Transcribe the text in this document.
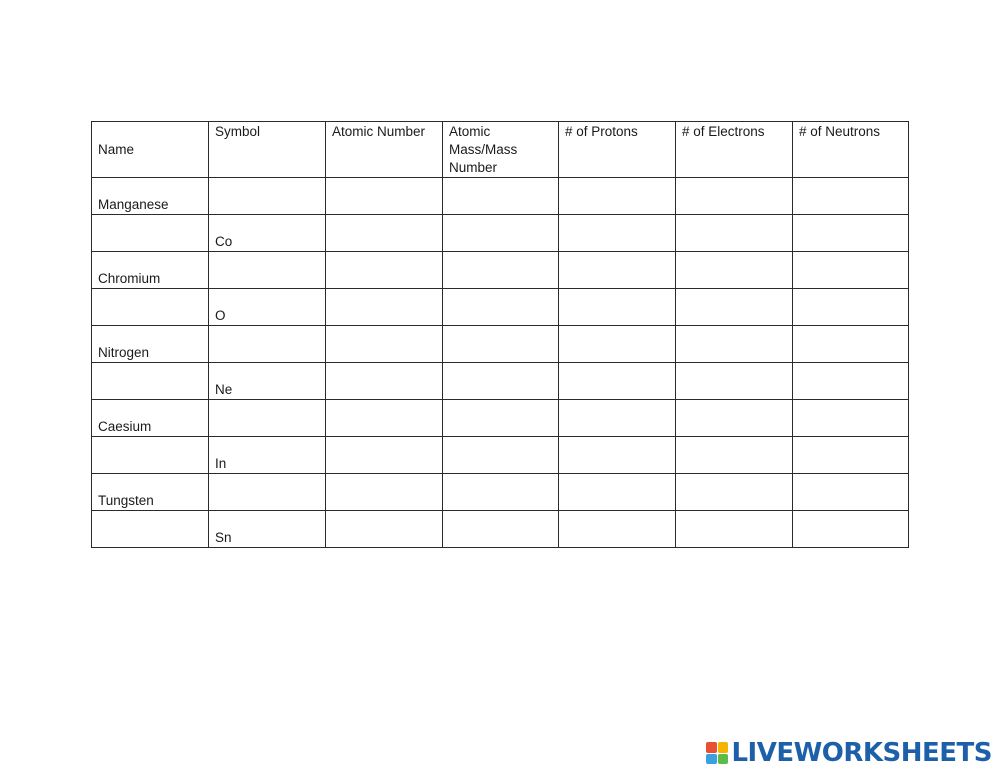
Name	Symbol	Atomic Number	Atomic Mass/Mass Number	# of Protons	# of Electrons	# of Neutrons
Manganese						
	Co					
Chromium						
	O					
Nitrogen						
	Ne					
Caesium						
	In					
Tungsten						
	Sn					
LIVEWORKSHEETS
